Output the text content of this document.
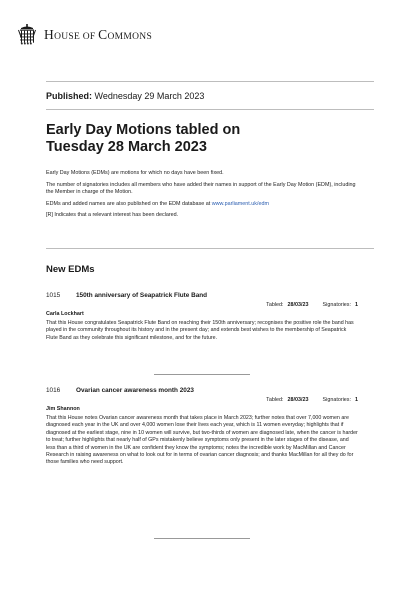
HOUSE OF COMMONS
Published: Wednesday 29 March 2023
Early Day Motions tabled on
Tuesday 28 March 2023

Early Day Motions (EDMs) are motions for which no days have been fixed.

The number of signatories includes all members who have added their names in support of the Early Day Motion (EDM), including the Member in charge of the Motion.

EDMs and added names are also published on the EDM database at www.parliament.uk/edm

[R] Indicates that a relevant interest has been declared.

New EDMs
1015	150th anniversary of Seapatrick Flute Band
Tabled: 28/03/23	Signatories: 1
Carla Lockhart
That this House congratulates Seapatrick Flute Band on reaching their 150th anniversary; recognises the positive role the band has played in the community throughout its history and in the present day; and extends best wishes to the membership of Seapatrick Flute Band as they celebrate this significant milestone, and for the future.
1016	Ovarian cancer awareness month 2023
Tabled: 28/03/23	Signatories: 1
Jim Shannon
That this House notes Ovarian cancer awareness month that takes place in March 2023; further notes that over 7,000 women are diagnosed each year in the UK and over 4,000 women lose their lives each year, which is 11 women everyday; highlights that if diagnosed at the earliest stage, nine in 10 women will survive, but two-thirds of women are diagnosed late, when the cancer is harder to treat; further highlights that nearly half of GPs mistakenly believe symptoms only present in the later stages of the disease, and less than a third of women in the UK are confident they know the symptoms; notes the incredible work by MacMillan and Cancer Research in raising awareness on what to look out for in terms of ovarian cancer diagnosis; and thanks MacMillan for all they do for those families who need support.
